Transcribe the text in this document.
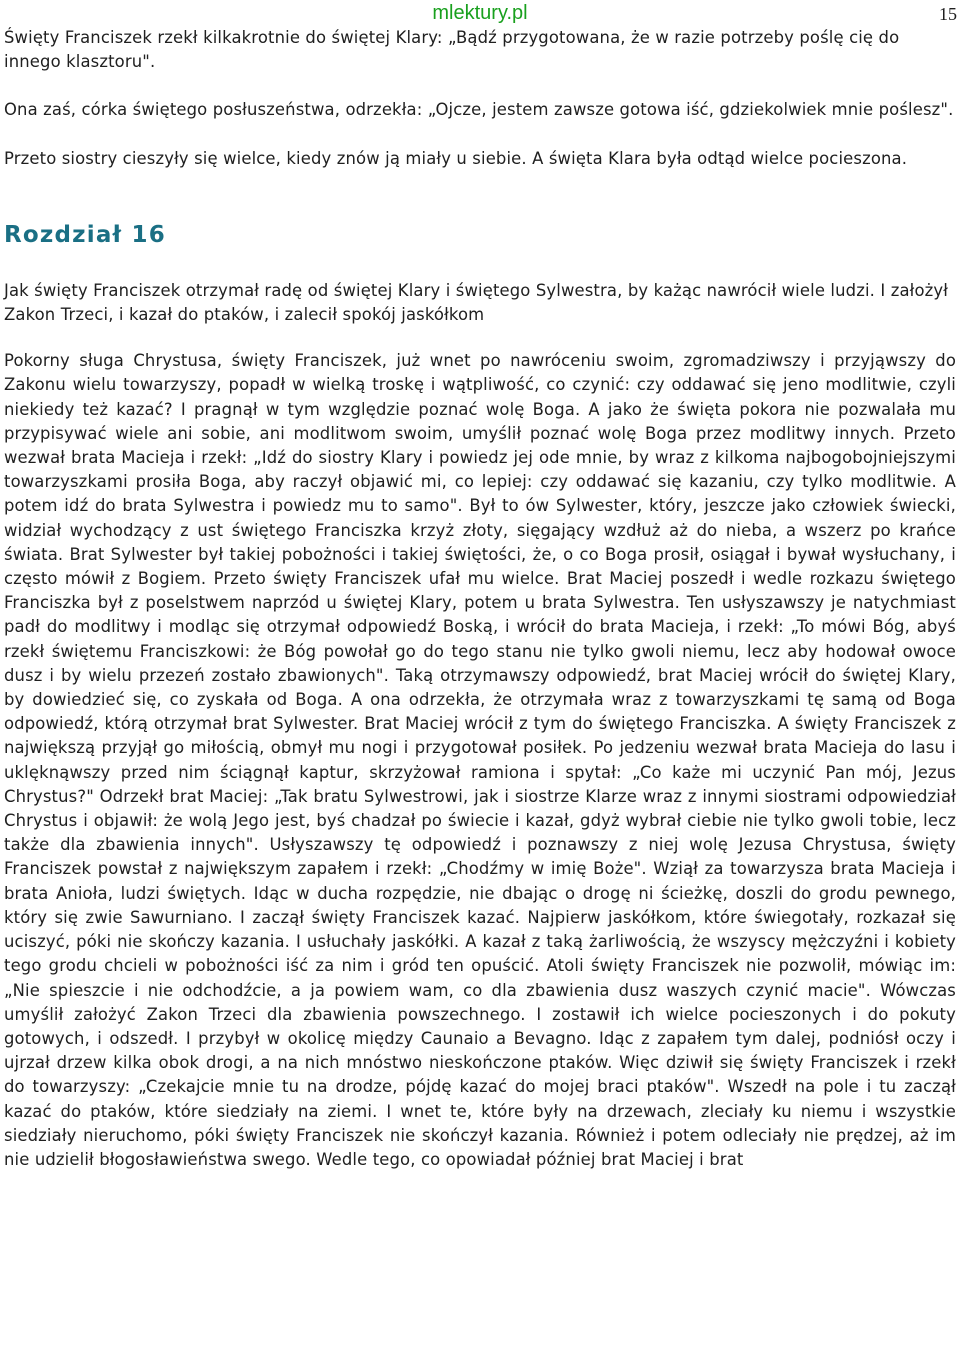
mlektury.pl	15

Święty Franciszek rzekł kilkakrotnie do świętej Klary: „Bądź przygotowana, że w razie potrzeby poślę cię do innego klasztoru".

Ona zaś, córka świętego posłuszeństwa, odrzekła: „Ojcze, jestem zawsze gotowa iść, gdziekolwiek mnie poślesz".

Przeto siostry cieszyły się wielce, kiedy znów ją miały u siebie. A święta Klara była odtąd wielce pocieszona.

Rozdział 16

Jak święty Franciszek otrzymał radę od świętej Klary i świętego Sylwestra, by każąc nawrócił wiele ludzi. I założył Zakon Trzeci, i kazał do ptaków, i zalecił spokój jaskółkom

Pokorny sługa Chrystusa, święty Franciszek, już wnet po nawróceniu swoim, zgromadziwszy i przyjąwszy do Zakonu wielu towarzyszy, popadł w wielką troskę i wątpliwość, co czynić: czy oddawać się jeno modlitwie, czyli niekiedy też kazać? I pragnął w tym względzie poznać wolę Boga. A jako że święta pokora nie pozwalała mu przypisywać wiele ani sobie, ani modlitwom swoim, umyślił poznać wolę Boga przez modlitwy innych. Przeto wezwał brata Macieja i rzekł: „Idź do siostry Klary i powiedz jej ode mnie, by wraz z kilkoma najbogobojniejszymi towarzyszkami prosiła Boga, aby raczył objawić mi, co lepiej: czy oddawać się kazaniu, czy tylko modlitwie. A potem idź do brata Sylwestra i powiedz mu to samo". Był to ów Sylwester, który, jeszcze jako człowiek świecki, widział wychodzący z ust świętego Franciszka krzyż złoty, sięgający wzdłuż aż do nieba, a wszerz po krańce świata. Brat Sylwester był takiej pobożności i takiej świętości, że, o co Boga prosił, osiągał i bywał wysłuchany, i często mówił z Bogiem. Przeto święty Franciszek ufał mu wielce. Brat Maciej poszedł i wedle rozkazu świętego Franciszka był z poselstwem naprzód u świętej Klary, potem u brata Sylwestra. Ten usłyszawszy je natychmiast padł do modlitwy i modląc się otrzymał odpowiedź Boską, i wrócił do brata Macieja, i rzekł: „To mówi Bóg, abyś rzekł świętemu Franciszkowi: że Bóg powołał go do tego stanu nie tylko gwoli niemu, lecz aby hodował owoce dusz i by wielu przezeń zostało zbawionych". Taką otrzymawszy odpowiedź, brat Maciej wrócił do świętej Klary, by dowiedzieć się, co zyskała od Boga. A ona odrzekła, że otrzymała wraz z towarzyszkami tę samą od Boga odpowiedź, którą otrzymał brat Sylwester. Brat Maciej wrócił z tym do świętego Franciszka. A święty Franciszek z największą przyjął go miłością, obmył mu nogi i przygotował posiłek. Po jedzeniu wezwał brata Macieja do lasu i uklęknąwszy przed nim ściągnął kaptur, skrzyżował ramiona i spytał: „Co każe mi uczynić Pan mój, Jezus Chrystus?" Odrzekł brat Maciej: „Tak bratu Sylwestrowi, jak i siostrze Klarze wraz z innymi siostrami odpowiedział Chrystus i objawił: że wolą Jego jest, byś chadzał po świecie i kazał, gdyż wybrał ciebie nie tylko gwoli tobie, lecz także dla zbawienia innych". Usłyszawszy tę odpowiedź i poznawszy z niej wolę Jezusa Chrystusa, święty Franciszek powstał z największym zapałem i rzekł: „Chodźmy w imię Boże". Wziął za towarzysza brata Macieja i brata Anioła, ludzi świętych. Idąc w ducha rozpędzie, nie dbając o drogę ni ścieżkę, doszli do grodu pewnego, który się zwie Sawurniano. I zaczął święty Franciszek kazać. Najpierw jaskółkom, które świegotały, rozkazał się uciszyć, póki nie skończy kazania. I usłuchały jaskółki. A kazał z taką żarliwością, że wszyscy mężczyźni i kobiety tego grodu chcieli w pobożności iść za nim i gród ten opuścić. Atoli święty Franciszek nie pozwolił, mówiąc im: „Nie spieszcie i nie odchodźcie, a ja powiem wam, co dla zbawienia dusz waszych czynić macie". Wówczas umyślił założyć Zakon Trzeci dla zbawienia powszechnego. I zostawił ich wielce pocieszonych i do pokuty gotowych, i odszedł. I przybył w okolicę między Caunaio a Bevagno. Idąc z zapałem tym dalej, podniósł oczy i ujrzał drzew kilka obok drogi, a na nich mnóstwo nieskończone ptaków. Więc dziwił się święty Franciszek i rzekł do towarzyszy: „Czekajcie mnie tu na drodze, pójdę kazać do mojej braci ptaków". Wszedł na pole i tu zaczął kazać do ptaków, które siedziały na ziemi. I wnet te, które były na drzewach, zleciały ku niemu i wszystkie siedziały nieruchomo, póki święty Franciszek nie skończył kazania. Również i potem odleciały nie prędzej, aż im nie udzielił błogosławieństwa swego. Wedle tego, co opowiadał później brat Maciej i brat
